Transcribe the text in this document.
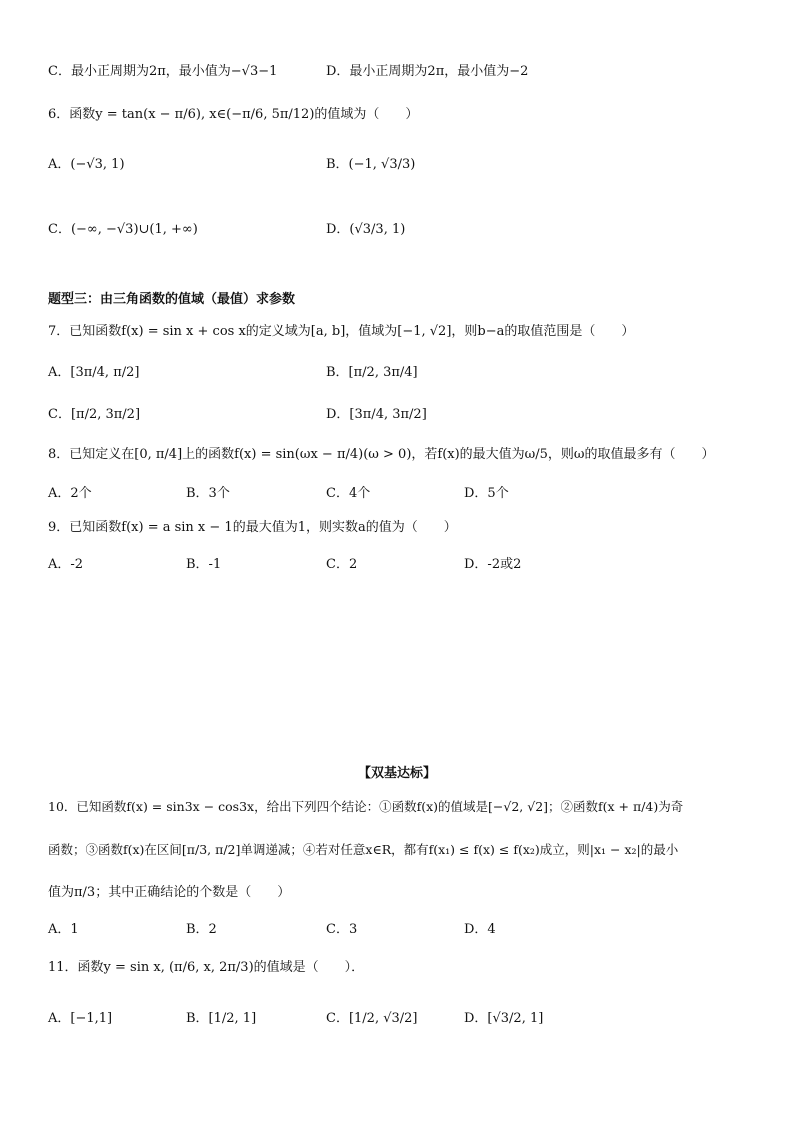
C．最小正周期为2π，最小值为−√3−1	D．最小正周期为2π，最小值为−2
6．函数y = tan(x − π/6), x∈(−π/6, 5π/12)的值域为（　　）
A．(−√3, 1)	B．(−1, √3/3)
C．(−∞, −√3)∪(1, +∞)	D．(√3/3, 1)
题型三：由三角函数的值域（最值）求参数
7．已知函数f(x) = sin x + cos x的定义域为[a, b]，值域为[−1, √2]，则b−a的取值范围是（　　）
A．[3π/4, π/2]	B．[π/2, 3π/4]
C．[π/2, 3π/2]	D．[3π/4, 3π/2]
8．已知定义在[0, π/4]上的函数f(x) = sin(ωx − π/4)(ω > 0)，若f(x)的最大值为ω/5，则ω的取值最多有（　　）
A．2个	B．3个	C．4个	D．5个
9．已知函数f(x) = a sin x − 1的最大值为1，则实数a的值为（　　）
A．-2	B．-1	C．2	D．-2或2
【双基达标】
10．已知函数f(x) = sin3x − cos3x，给出下列四个结论：①函数f(x)的值域是[−√2, √2]；②函数f(x + π/4)为奇
函数；③函数f(x)在区间[π/3, π/2]单调递减；④若对任意x∈R，都有f(x₁) ≤ f(x) ≤ f(x₂)成立，则|x₁ − x₂|的最小
值为π/3；其中正确结论的个数是（　　）
A．1	B．2	C．3	D．4
11．函数y = sin x, (π/6, x, 2π/3)的值域是（　　）．
A．[−1,1]	B．[1/2, 1]	C．[1/2, √3/2]	D．[√3/2, 1]
